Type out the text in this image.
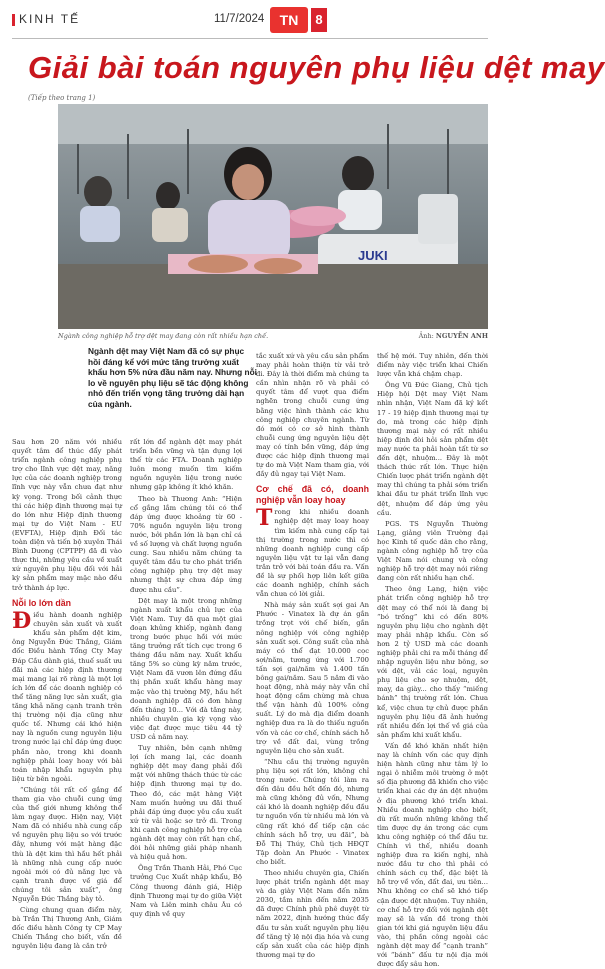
KINH TẾ	11/7/2024	TN	8
Giải bài toán nguyên phụ liệu dệt may
(Tiếp theo trang 1)
JUKI
Ngành công nghiệp hỗ trợ dệt may đang còn rất nhiều hạn chế.	Ảnh: NGUYỄN ANH
Ngành dệt may Việt Nam đã có sự phục hồi đáng kể với mức tăng trưởng xuất khẩu hơn 5% nửa đầu năm nay. Nhưng nỗi lo về nguyên phụ liệu sẽ tác động không nhỏ đến triển vọng tăng trưởng dài hạn của ngành.

Sau hơn 20 năm với nhiều quyết tâm để thúc đẩy phát triển ngành công nghiệp phụ trợ cho lĩnh vực dệt may, năng lực của các doanh nghiệp trong lĩnh vực này vẫn chưa đạt như kỳ vọng. Trong bối cảnh thực thi các hiệp định thương mại tự do lớn như Hiệp định thương mại tự do Việt Nam - EU (EVFTA), Hiệp định Đối tác toàn diện và tiến bộ xuyên Thái Bình Dương (CPTPP) đã đi vào thực thi, những yêu cầu về xuất xứ nguyên phụ liệu đối với hải kỳ sản phẩm may mặc nào đều trở thành áp lực.

Nỗi lo lớn dần

Điều hành doanh nghiệp chuyên sản xuất và xuất khẩu sản phẩm dệt kim, ông Nguyễn Đức Thắng, Giám đốc Điều hành Tổng Cty May Đáp Cầu dành giá, thuế suất ưu đãi mà các hiệp định thương mại mang lại rõ ràng là một lợi ích lớn để các doanh nghiệp có thể tăng năng lực sản xuất, gia tăng khả năng cạnh tranh trên thị trường nội địa cũng như quốc tế. Nhưng cái khó hiện nay là nguồn cung nguyên liệu trong nước lại chỉ đáp ứng được phần nào, trong khi doanh nghiệp phải loay hoay với bài toán nhập khẩu nguyên phụ liệu từ bên ngoài.

“Chúng tôi rất cố gắng để tham gia vào chuỗi cung ứng của thế giới nhưng không thể làm ngay được. Hiện nay, Việt Nam đã có nhiều nhà cung cấp về nguyên phụ liệu so với trước đây, nhưng với mặt hàng đặc thù là dệt kim thì hầu hết phải là những nhà cung cấp nước ngoài mới có đủ năng lực và cạnh tranh được về giá để chúng tôi sản xuất”, ông Nguyễn Đức Thắng bày tỏ.

Cùng chung quan điểm này, bà Trần Thị Thương Anh, Giám đốc điều hành Công ty CP May Chiến Thắng cho biết, vấn đề nguyên liệu đang là căn trở

rất lớn để ngành dệt may phát triển bền vững và tận dụng lợi thế từ các FTA. Doanh nghiệp luôn mong muốn tìm kiếm nguồn nguyên liệu trong nước nhưng gặp không ít khó khăn.

Theo bà Thương Anh: “Hiện cổ gắng lắm chúng tôi có thể đáp ứng được khoảng từ 60 - 70% nguồn nguyên liệu trong nước, bởi phần lớn là bạn chỉ cá về số lượng và chất lượng nguồn cung. Sau nhiều năm chúng ta quyết tâm đầu tư cho phát triển công nghiệp phụ trợ dệt may nhưng thật sự chưa đáp ứng được nhu cầu”.

Dệt may là một trong những ngành xuất khẩu chủ lực của Việt Nam. Tuy đã qua một giai đoạn khủng khiếp, ngành đang trong bước phục hồi với mức tăng trưởng rất tích cực trong 6 tháng đầu năm nay. Xuất khẩu tăng 5% so cùng kỳ năm trước, Việt Nam đã vươn lên đứng đầu thị phần xuất khẩu hàng may mặc vào thị trường Mỹ, hầu hết doanh nghiệp đã có đơn hàng đến tháng 10... Với đà tăng này, nhiều chuyên gia kỳ vọng vào việc đạt được mục tiêu 44 tỷ USD cả năm nay.

Tuy nhiên, bên cạnh những lợi ích mang lại, các doanh nghiệp dệt may đang phải đối mặt với những thách thức từ các hiệp định thương mại tự do. Theo đó, các mặt hàng Việt Nam muốn hưởng ưu đãi thuế phải đáp ứng được yêu cầu xuất xứ từ vải hoặc sơ trở đi. Trong khi cạnh công nghiệp hỗ trợ của ngành dệt may còn rất hạn chế, đòi hỏi những giải pháp nhanh và hiệu quả hơn.

Ông Trần Thanh Hải, Phó Cục trưởng Cục Xuất nhập khẩu, Bộ Công thương đánh giá, Hiệp định Thương mại tự do giữa Việt Nam và Liên minh châu Âu có quy định về quy

tắc xuất xứ và yêu cầu sản phẩm may phải hoàn thiện từ vải trở đi. Đây là thời điểm mà chúng ta cần nhìn nhận rõ và phải có quyết tâm để vượt qua điểm nghẽn trong chuỗi cung ứng bằng việc hình thành các khu công nghiệp chuyên ngành. Từ đó mới có cơ sở hình thành chuỗi cung ứng nguyên liệu dệt may có tính bền vững, đáp ứng được các hiệp định thương mại tự do mà Việt Nam tham gia, với đầy đủ ngay tại Việt Nam.

Cơ chế đã có, doanh nghiệp vẫn loay hoay

Trong khi nhiều doanh nghiệp dệt may loay hoay tìm kiếm nhà cung cấp tại thị trường trong nước thì có những doanh nghiệp cung cấp nguyên liệu vật tư lại vẫn đang trăn trở với bài toán đầu ra. Vấn đề là sự phối hợp liên kết giữa các doanh nghiệp, chính sách vẫn chưa có lời giải.

Nhà máy sản xuất sợi gai An Phước - Vinatex là dự án gắn trồng trọt với chế biến, gắn nông nghiệp với công nghiệp sản xuất sợi. Công suất của nhà máy có thể đạt 10.000 cọc sợi/năm, tương ứng với 1.700 tấn sợi gai/năm và 1.400 tấn bông gai/năm. Sau 5 năm đi vào hoạt động, nhà máy này vẫn chỉ hoạt động cầm chừng mà chưa thể vận hành đủ 100% công suất. Lý do mà địa điểm doanh nghiệp đưa ra là do thiếu nguồn vốn và các cơ chế, chính sách hỗ trợ về đất đai, vùng trồng nguyên liệu cho sản xuất.

“Nhu cầu thị trường nguyên phụ liệu sợi rất lớn, không chỉ trong nước. Chúng tôi làm ra đến đâu đều hết đến đó, nhưng mà cũng không đủ vốn, Nhưng cái khó là doanh nghiệp đều đầu tư nguồn vốn từ nhiều mà lớn và cũng rất khó để tiếp cận các chính sách hỗ trợ, ưu đãi”, bà Đỗ Thị Thúy, Chủ tịch HĐQT Tập đoàn An Phước - Vinatex cho biết.

Theo nhiều chuyên gia, Chiến lược phát triển ngành dệt may và da giày Việt Nam đến năm 2030, tầm nhìn đến năm 2035 đã được Chính phủ phê duyệt từ năm 2022, định hướng thúc đẩy đầu tư sản xuất nguyên phụ liệu để tăng tỷ lệ nội địa hóa và cung cấp sản xuất của các hiệp định thương mại tự do

thế hệ mới. Tuy nhiên, đến thời điểm này việc triển khai Chiến lược vẫn khá chậm chạp.

Ông Vũ Đức Giang, Chủ tịch Hiệp hội Dệt may Việt Nam nhìn nhận, Việt Nam đã ký kết 17 - 19 hiệp định thương mại tự do, mà trong các hiệp định thương mại này có rất nhiều hiệp định đòi hỏi sản phẩm dệt may nước ta phải hoàn tất từ sơ đến dệt, nhuộm... Đây là một thách thức rất lớn. Thực hiện Chiến lược phát triển ngành dệt may thì chúng ta phải sớm triển khai đầu tư phát triển lĩnh vực dệt, nhuộm để đáp ứng yêu cầu.

PGS. TS Nguyễn Thường Lạng, giảng viên Trường đại học Kinh tế quốc dân cho rằng, ngành công nghiệp hỗ trợ của Việt Nam nói chung và công nghiệp hỗ trợ dệt may nói riêng đang còn rất nhiều hạn chế.

Theo ông Lạng, hiện việc phát triển công nghiệp hỗ trợ dệt may có thể nói là đang bị “bó trống” khi có đến 80% nguyên phụ liệu cho ngành dệt may phải nhập khẩu. Còn số hơn 2 tỷ USD mà các doanh nghiệp phải chi ra mỗi tháng để nhập nguyên liệu như bông, sơ với dệt, vải các loại, nguyên phụ liệu cho sợ nhuộm, dệt, may, da giày... cho thấy “miếng bánh” thị trường rất lớn. Chưa kể, việc chưa tự chủ được phần nguyên phụ liệu đã ảnh hưởng rất nhiều đến lợi thế về giá của sản phẩm khi xuất khẩu.

Vấn đề khó khăn nhất hiện nay là chính vốn các quy định hiện hành cũng như tâm lý lo ngại ô nhiễm môi trường ở một số địa phương đã khiến cho việc triển khai các dự án dệt nhuộm ở địa phương khó triển khai. Nhiều doanh nghiệp cho biết, dù rất muốn những không thể tìm được dự án trong các cụm khu công nghiệp có thể đầu tư. Chính vì thế, nhiều doanh nghiệp đưa ra kiến nghị, nhà nước đầu tư cho thì phải có chính sách cụ thể, đặc biệt là hỗ trợ về vốn, đất đai, ưu tiên... Nhu không cơ chế sẽ khó tiếp cận được dệt nhuộm. Tuy nhiên, cơ chế hỗ trợ đối với ngành dệt may sẽ là vấn đề trong thời gian tới khi giá nguyên liệu đầu vào, thị phần công ngoài các ngành dệt may để “cạnh tranh” với “bánh” đấu tư nội địa mới được đẩy sâu hơn.
